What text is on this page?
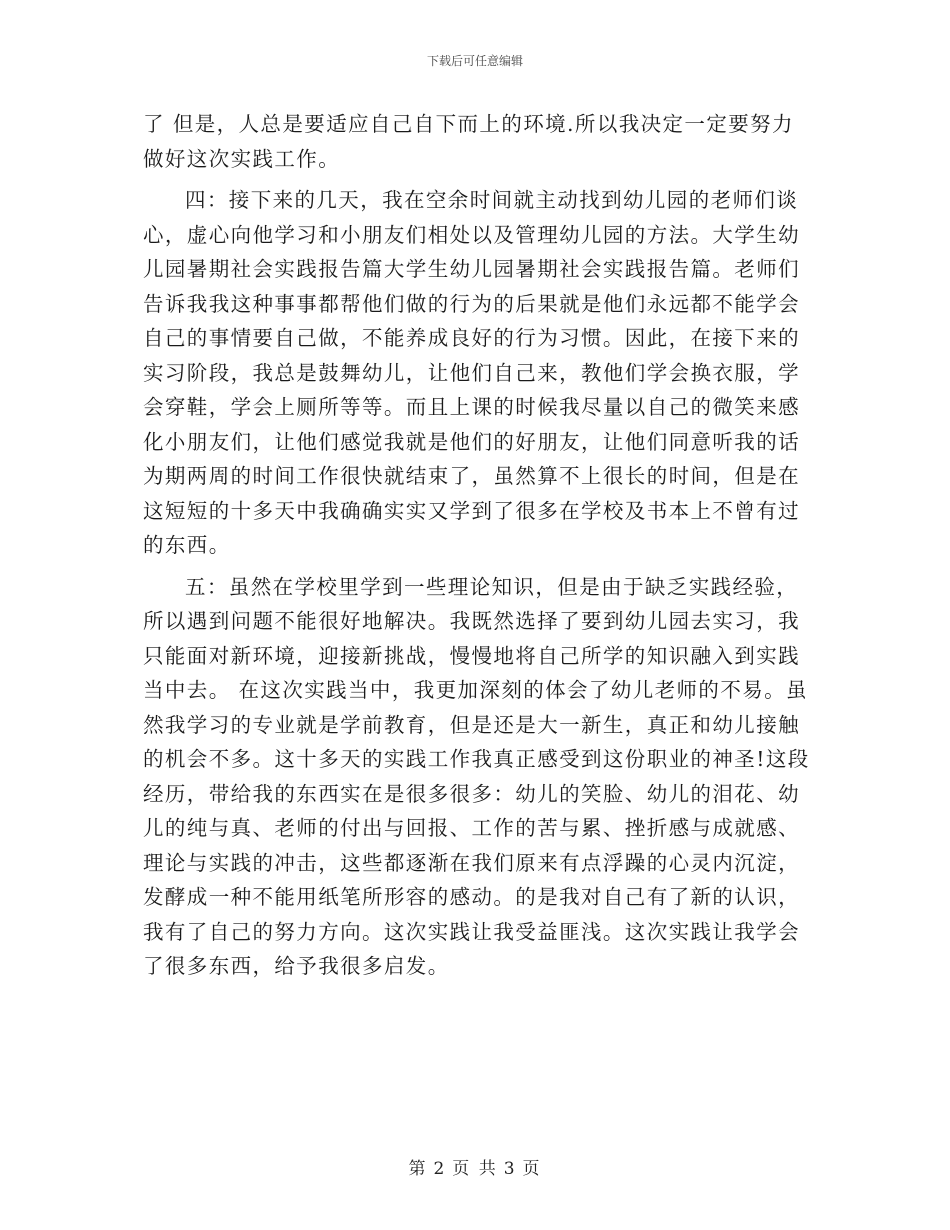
下载后可任意编辑
了 但是，人总是要适应自己自下而上的环境.所以我决定一定要努力
做好这次实践工作。
四：接下来的几天，我在空余时间就主动找到幼儿园的老师们谈
心，虚心向他学习和小朋友们相处以及管理幼儿园的方法。大学生幼
儿园暑期社会实践报告篇大学生幼儿园暑期社会实践报告篇。老师们
告诉我我这种事事都帮他们做的行为的后果就是他们永远都不能学会
自己的事情要自己做，不能养成良好的行为习惯。因此，在接下来的
实习阶段，我总是鼓舞幼儿，让他们自己来，教他们学会换衣服，学
会穿鞋，学会上厕所等等。而且上课的时候我尽量以自己的微笑来感
化小朋友们，让他们感觉我就是他们的好朋友，让他们同意听我的话
为期两周的时间工作很快就结束了，虽然算不上很长的时间，但是在
这短短的十多天中我确确实实又学到了很多在学校及书本上不曾有过
的东西。
五：虽然在学校里学到一些理论知识，但是由于缺乏实践经验，
所以遇到问题不能很好地解决。我既然选择了要到幼儿园去实习，我
只能面对新环境，迎接新挑战，慢慢地将自己所学的知识融入到实践
当中去。 在这次实践当中，我更加深刻的体会了幼儿老师的不易。虽
然我学习的专业就是学前教育，但是还是大一新生，真正和幼儿接触
的机会不多。这十多天的实践工作我真正感受到这份职业的神圣!这段
经历，带给我的东西实在是很多很多：幼儿的笑脸、幼儿的泪花、幼
儿的纯与真、老师的付出与回报、工作的苦与累、挫折感与成就感、
理论与实践的冲击，这些都逐渐在我们原来有点浮躁的心灵内沉淀，
发酵成一种不能用纸笔所形容的感动。的是我对自己有了新的认识，
我有了自己的努力方向。这次实践让我受益匪浅。这次实践让我学会
了很多东西，给予我很多启发。
第 2 页 共 3 页
